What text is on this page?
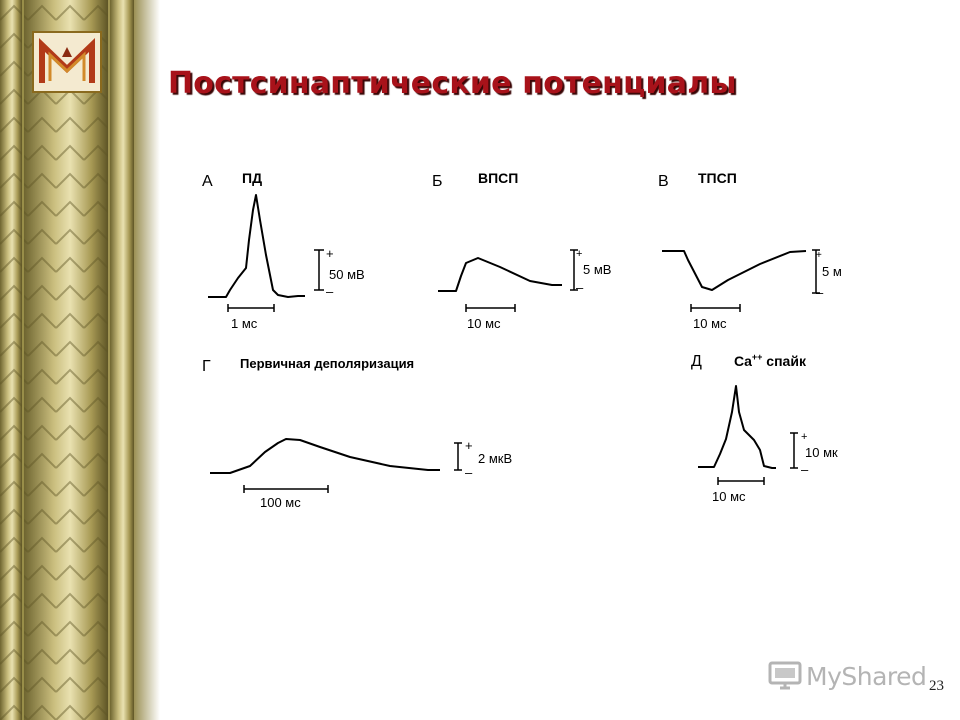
Постсинаптические потенциалы
А ПД	Б	ВПСП	В ТПСП
Г Первичная деполяризация	Д Ca++ спайк
+
50 мВ
–
1 мс
+
5 мВ
–
10 мс
+
5 м
–
10 мс
+
2 мкВ
–
100 мс
+
10 мк
–
10 мс
MyShared 23
